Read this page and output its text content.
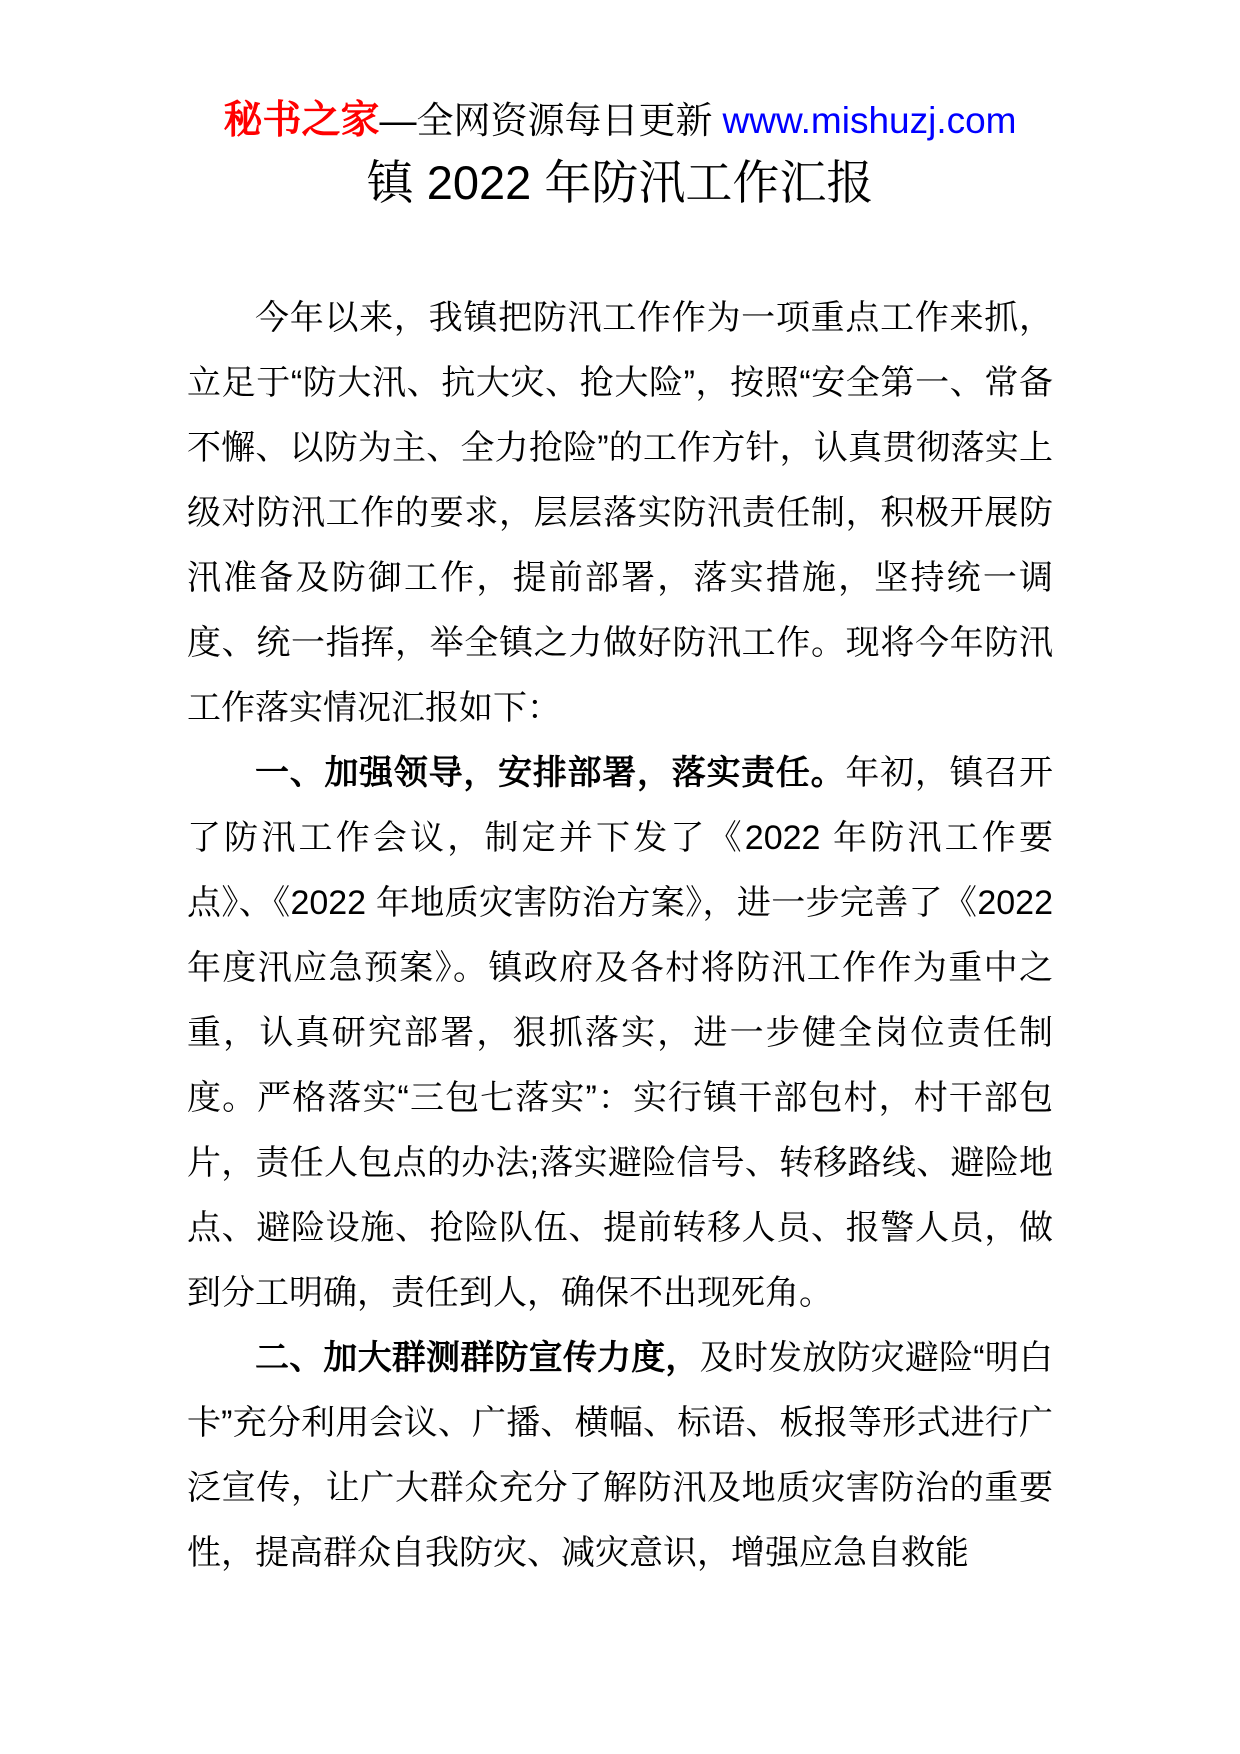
秘书之家—全网资源每日更新 www.mishuzj.com
镇 2022 年防汛工作汇报

今年以来，我镇把防汛工作作为一项重点工作来抓，立足于“防大汛、抗大灾、抢大险”，按照“安全第一、常备不懈、以防为主、全力抢险”的工作方针，认真贯彻落实上级对防汛工作的要求，层层落实防汛责任制，积极开展防汛准备及防御工作，提前部署，落实措施，坚持统一调度、统一指挥，举全镇之力做好防汛工作。现将今年防汛工作落实情况汇报如下：

一、加强领导，安排部署，落实责任。年初，镇召开了防汛工作会议，制定并下发了《2022 年防汛工作要点》、《2022 年地质灾害防治方案》，进一步完善了《2022 年度汛应急预案》。镇政府及各村将防汛工作作为重中之重，认真研究部署，狠抓落实，进一步健全岗位责任制度。严格落实“三包七落实”：实行镇干部包村，村干部包片，责任人包点的办法;落实避险信号、转移路线、避险地点、避险设施、抢险队伍、提前转移人员、报警人员，做到分工明确，责任到人，确保不出现死角。

二、加大群测群防宣传力度，及时发放防灾避险“明白卡”充分利用会议、广播、横幅、标语、板报等形式进行广泛宣传，让广大群众充分了解防汛及地质灾害防治的重要性，提高群众自我防灾、减灾意识，增强应急自救能
